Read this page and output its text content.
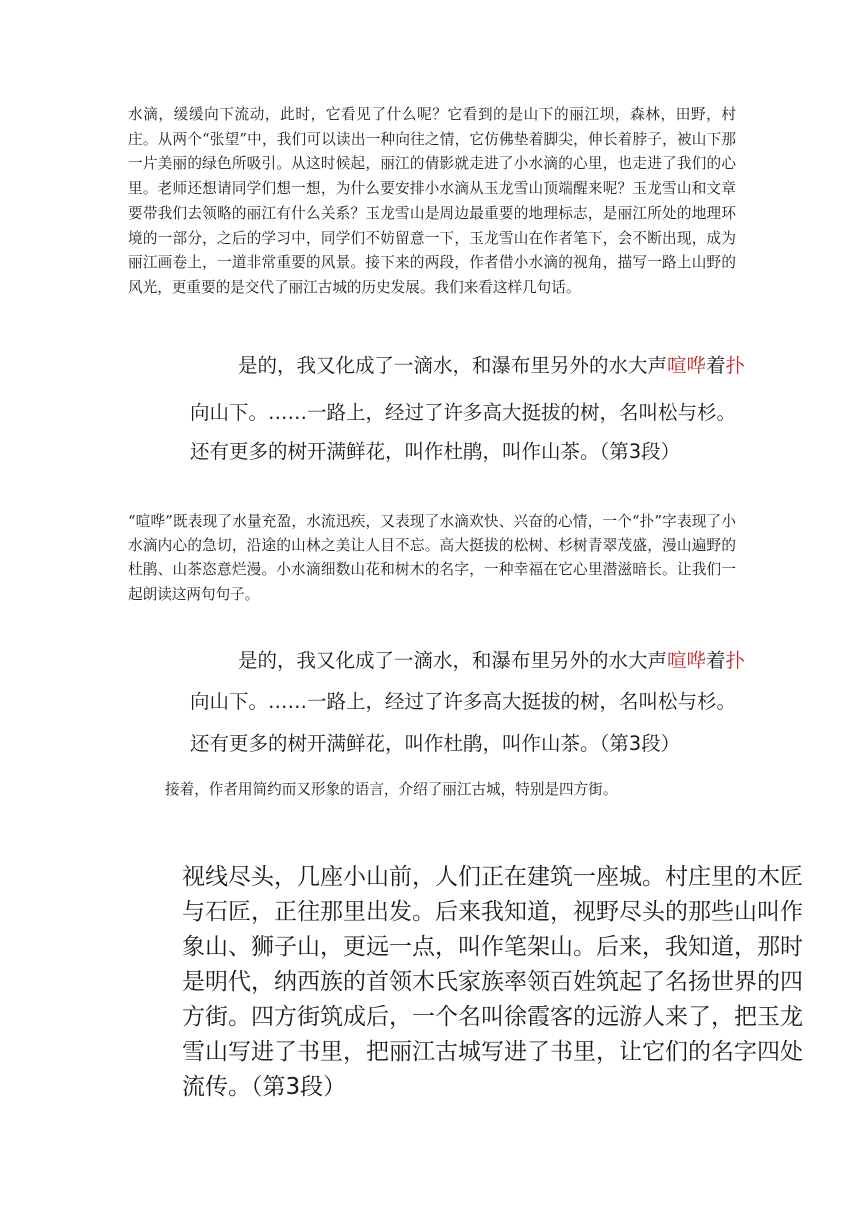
水滴，缓缓向下流动，此时，它看见了什么呢？它看到的是山下的丽江坝，森林，田野，村庄。从两个“张望”中，我们可以读出一种向往之情，它仿佛垫着脚尖，伸长着脖子，被山下那一片美丽的绿色所吸引。从这时候起，丽江的倩影就走进了小水滴的心里，也走进了我们的心里。老师还想请同学们想一想，为什么要安排小水滴从玉龙雪山顶端醒来呢？玉龙雪山和文章要带我们去领略的丽江有什么关系？玉龙雪山是周边最重要的地理标志，是丽江所处的地理环境的一部分，之后的学习中，同学们不妨留意一下，玉龙雪山在作者笔下，会不断出现，成为丽江画卷上，一道非常重要的风景。接下来的两段，作者借小水滴的视角，描写一路上山野的风光，更重要的是交代了丽江古城的历史发展。我们来看这样几句话。
是的，我又化成了一滴水，和瀑布里另外的水大声喧哗着扑
向山下。……一路上，经过了许多高大挺拔的树，名叫松与杉。
还有更多的树开满鲜花，叫作杜鹃，叫作山茶。（第3段）
“喧哗”既表现了水量充盈，水流迅疾，又表现了水滴欢快、兴奋的心情，一个“扑”字表现了小水滴内心的急切，沿途的山林之美让人目不忘。高大挺拔的松树、杉树青翠茂盛，漫山遍野的杜鹃、山茶恣意烂漫。小水滴细数山花和树木的名字，一种幸福在它心里潜滋暗长。让我们一起朗读这两句句子。
是的，我又化成了一滴水，和瀑布里另外的水大声喧哗着扑
向山下。……一路上，经过了许多高大挺拔的树，名叫松与杉。
还有更多的树开满鲜花，叫作杜鹃，叫作山茶。（第3段）
接着，作者用简约而又形象的语言，介绍了丽江古城，特别是四方街。
视线尽头，几座小山前，人们正在建筑一座城。村庄里的木匠
与石匠，正往那里出发。后来我知道，视野尽头的那些山叫作
象山、狮子山，更远一点，叫作笔架山。后来，我知道，那时
是明代，纳西族的首领木氏家族率领百姓筑起了名扬世界的四
方街。四方街筑成后，一个名叫徐霞客的远游人来了，把玉龙
雪山写进了书里，把丽江古城写进了书里，让它们的名字四处
流传。（第3段）
